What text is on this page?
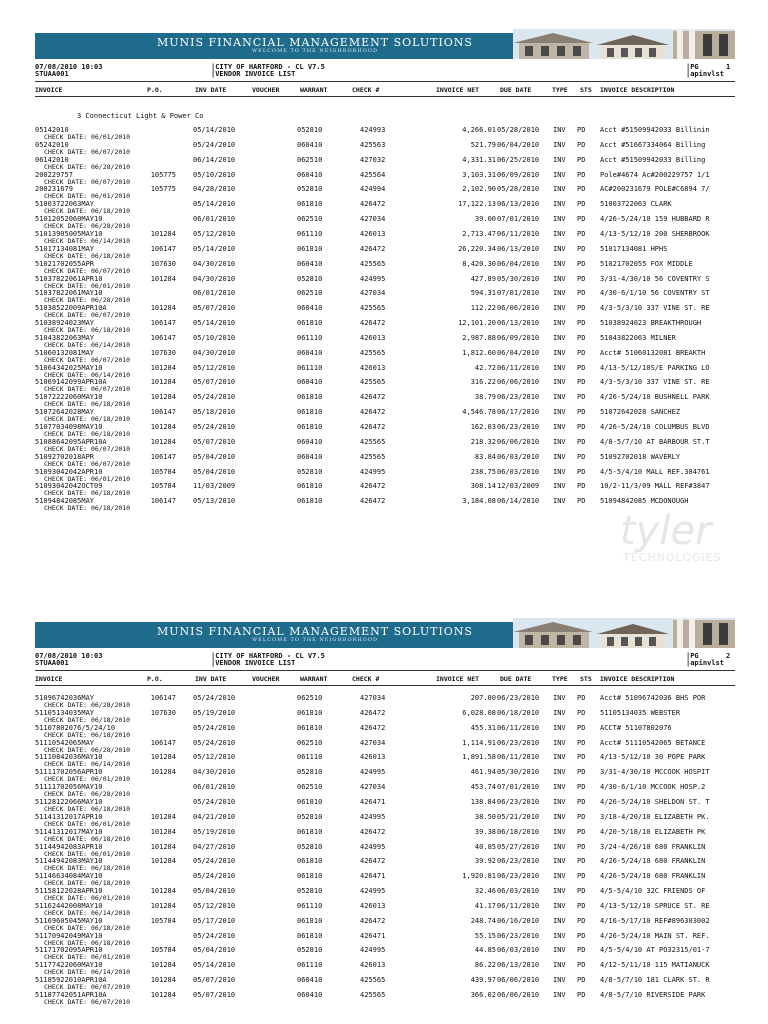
MUNIS FINANCIAL MANAGEMENT SOLUTIONS
WELCOME TO THE NEIGHBORHOOD
07/08/2010 10:03
STUAA001
|CITY OF HARTFORD - CL V7.5
|VENDOR INVOICE LIST
|PG	1
|apinvlst
INVOICE	P.O.	INV DATE	VOUCHER	WARRANT	CHECK #	INVOICE NET	DUE DATE	TYPE STS INVOICE DESCRIPTION
3 Connecticut Light & Power Co
05142010	05/14/2010	052810	424993	4,266.01 05/28/2010 INV PD Acct #51509942033 Billinin
CHECK DATE: 06/01/2010
05242010	05/24/2010	060410	425563	521.79 06/04/2010 INV PD Acct #51667334064 Billing
CHECK DATE: 06/07/2010
06142010	06/14/2010	062510	427032	4,331.31 06/25/2010 INV PD Acct #51509942033 Billing
CHECK DATE: 06/28/2010
200229757	105775 05/10/2010	060410	425564	3,103.31 06/09/2010 INV PD Pole#4674 Ac#200229757 1/1
CHECK DATE: 06/07/2010
200231679	105775 04/28/2010	052810	424994	2,102.90 05/28/2010 INV PD AC#200231679 POLE#C6894 7/
CHECK DATE: 06/01/2010
51003722063MAY	05/14/2010	061810	426472	17,122.13 06/13/2010 INV PD 51003722063 CLARK
CHECK DATE: 06/18/2010
51012052060MAY10	06/01/2010	062510	427034	39.00 07/01/2010 INV PD 4/26-5/24/10 159 HUBBARD R
CHECK DATE: 06/28/2010
51013905005MAY10	101284 05/12/2010	061110	426013	2,713.47 06/11/2010 INV PD 4/13-5/12/10 200 SHERBROOK
CHECK DATE: 06/14/2010
51017134081MAY	106147 05/14/2010	061810	426472	26,220.34 06/13/2010 INV PD 51017134081 HPHS
CHECK DATE: 06/18/2010
51021702055APR	107630 04/30/2010	060410	425565	8,420.30 06/04/2010 INV PD 51021702055 FOX MIDDLE
CHECK DATE: 06/07/2010
51037822061APR10	101284 04/30/2010	052810	424995	427.89 05/30/2010 INV PD 3/31-4/30/10 56 COVENTRY S
CHECK DATE: 06/01/2010
51037822061MAY10	06/01/2010	062510	427034	594.31 07/01/2010 INV PD 4/30-6/1/10 56 COVENTRY ST
CHECK DATE: 06/28/2010
51038522009APR10A	101284 05/07/2010	060410	425565	112.22 06/06/2010 INV PD 4/3-5/3/10 337 VINE ST. RE
CHECK DATE: 06/07/2010
51038924023MAY	106147 05/14/2010	061810	426472	12,101.20 06/13/2010 INV PD 51038924023 BREAKTHROUGH
CHECK DATE: 06/18/2010
51043822063MAY	106147 05/10/2010	061110	426013	2,987.88 06/09/2010 INV PD 51043822063 MILNER
CHECK DATE: 06/14/2010
51060132081MAY	107630 04/30/2010	060410	425565	1,812.60 06/04/2010 INV PD Acct# 51060132081 BREAKTH
CHECK DATE: 06/07/2010
51064342025MAY10	101284 05/12/2010	061110	426013	42.72 06/11/2010 INV PD 4/13-5/12/10S/E PARKING LO
CHECK DATE: 06/14/2010
51069142099APR10A	101284 05/07/2010	060410	425565	316.22 06/06/2010 INV PD 4/3-5/3/10 337 VINE ST. RE
CHECK DATE: 06/07/2010
51072222060MAY10	101284 05/24/2010	061810	426472	38.79 06/23/2010 INV PD 4/26-5/24/10 BUSHNELL PARK
CHECK DATE: 06/18/2010
51072642028MAY	106147 05/18/2010	061810	426472	4,546.78 06/17/2010 INV PD 51072642028 SANCHEZ
CHECK DATE: 06/18/2010
51077034098MAY10	101284 05/24/2010	061810	426472	162.03 06/23/2010 INV PD 4/26-5/24/10 COLUMBUS BLVD
CHECK DATE: 06/18/2010
51088642095APR10A	101284 05/07/2010	060410	425565	218.32 06/06/2010 INV PD 4/8-5/7/10 AT BARBOUR ST.T
CHECK DATE: 06/07/2010
51092702018APR	106147 05/04/2010	060410	425565	83.84 06/03/2010 INV PD 51092702018 WAVERLY
CHECK DATE: 06/07/2010
51093042042APR10	105784 05/04/2010	052810	424995	238.75 06/03/2010 INV PD 4/5-5/4/10 MALL REF.384761
CHECK DATE: 06/01/2010
51093042042OCT09	105784 11/03/2009	061810	426472	308.14 12/03/2009 INV PD 10/2-11/3/09 MALL REF#3847
CHECK DATE: 06/18/2010
51094842085MAY	106147 05/13/2010	061810	426472	3,184.08 06/14/2010 INV PD 51094842085 MCDONOUGH
CHECK DATE: 06/18/2010	tyler
TECHNOLOGIES
MUNIS FINANCIAL MANAGEMENT SOLUTIONS
WELCOME TO THE NEIGHBORHOOD
07/08/2010 10:03
STUAA001
|CITY OF HARTFORD - CL V7.5
|VENDOR INVOICE LIST
|PG	2
|apinvlst
INVOICE	P.O.	INV DATE	VOUCHER	WARRANT	CHECK #	INVOICE NET	DUE DATE	TYPE STS INVOICE DESCRIPTION
51096742036MAY	106147 05/24/2010	062510	427034	207.00 06/23/2010 INV PD Acct# 51096742036 BHS POR
CHECK DATE: 06/28/2010
51105134035MAY	107630 05/19/2010	061810	426472	6,028.08 06/18/2010 INV PD 51105134035 WEBSTER
CHECK DATE: 06/18/2010
51107802076/5/24/10	05/24/2010	061810	426472	455.31 06/11/2010 INV PD ACCT# 51107802076
CHECK DATE: 06/18/2010
51110542065MAY	106147 05/24/2010	062510	427034	1,114.91 06/23/2010 INV PD Acct# 51110542065 BETANCE
CHECK DATE: 06/28/2010
51110842036MAY10	101284 05/12/2010	061110	426013	1,891.58 06/11/2010 INV PD 4/13-5/12/10 30 POPE PARK
CHECK DATE: 06/14/2010
51111702056APR10	101284 04/30/2010	052810	424995	461.94 05/30/2010 INV PD 3/31-4/30/10 MCCOOK HOSPIT
CHECK DATE: 06/01/2010
51111702056MAY10	06/01/2010	062510	427034	453.74 07/01/2010 INV PD 4/30-6/1/10 MCCOOK HOSP.2
CHECK DATE: 06/28/2010
51128122066MAY10	05/24/2010	061810	426471	138.84 06/23/2010 INV PD 4/26-5/24/10 SHELDON ST. T
CHECK DATE: 06/18/2010
51141312017APR10	101284 04/21/2010	052810	424995	38.50 05/21/2010 INV PD 3/18-4/20/10 ELIZABETH PK.
CHECK DATE: 06/01/2010
51141312017MAY10	101284 05/19/2010	061810	426472	39.38 06/18/2010 INV PD 4/20-5/18/10 ELIZABETH PK
CHECK DATE: 06/18/2010
51144942083APR10	101284 04/27/2010	052810	424995	40.85 05/27/2010 INV PD 3/24-4/26/10 680 FRANKLIN
CHECK DATE: 06/01/2010
51144942083MAY10	101284 05/24/2010	061810	426472	39.92 06/23/2010 INV PD 4/26-5/24/10 680 FRANKLIN
CHECK DATE: 06/18/2010
51146634084MAY10	05/24/2010	061810	426471	1,920.81 06/23/2010 INV PD 4/26-5/24/10 680 FRANKLIN
CHECK DATE: 06/18/2010
51158122028APR10	101284 05/04/2010	052810	424995	32.46 06/03/2010 INV PD 4/5-5/4/10 32C FRIENDS OF
CHECK DATE: 06/01/2010
51162442008MAY10	101284 05/12/2010	061110	426013	41.17 06/11/2010 INV PD 4/13-5/12/10 SPRUCE ST. RE
CHECK DATE: 06/14/2010
51169605045MAY10	105784 05/17/2010	061810	426472	248.74 06/16/2010 INV PD 4/16-5/17/10 REF#896303002
CHECK DATE: 06/18/2010
51170942049MAY10	05/24/2010	061810	426471	55.15 06/23/2010 INV PD 4/26-5/24/10 MAIN ST. REF.
CHECK DATE: 06/18/2010
51171702095APR10	105784 05/04/2010	052810	424995	44.85 06/03/2010 INV PD 4/5-5/4/10 AT PO32315/01-7
CHECK DATE: 06/01/2010
51177422060MAY10	101284 05/14/2010	061110	426013	86.22 06/13/2010 INV PD 4/12-5/11/10 115 MATIANUCK
CHECK DATE: 06/14/2010
51185922010APR10A	101284 05/07/2010	060410	425565	439.97 06/06/2010 INV PD 4/8-5/7/10 181 CLARK ST. R
CHECK DATE: 06/07/2010
51187742051APR10A	101284 05/07/2010	060410	425565	366.02 06/06/2010 INV PD 4/8-5/7/10 RIVERSIDE PARK
CHECK DATE: 06/07/2010
